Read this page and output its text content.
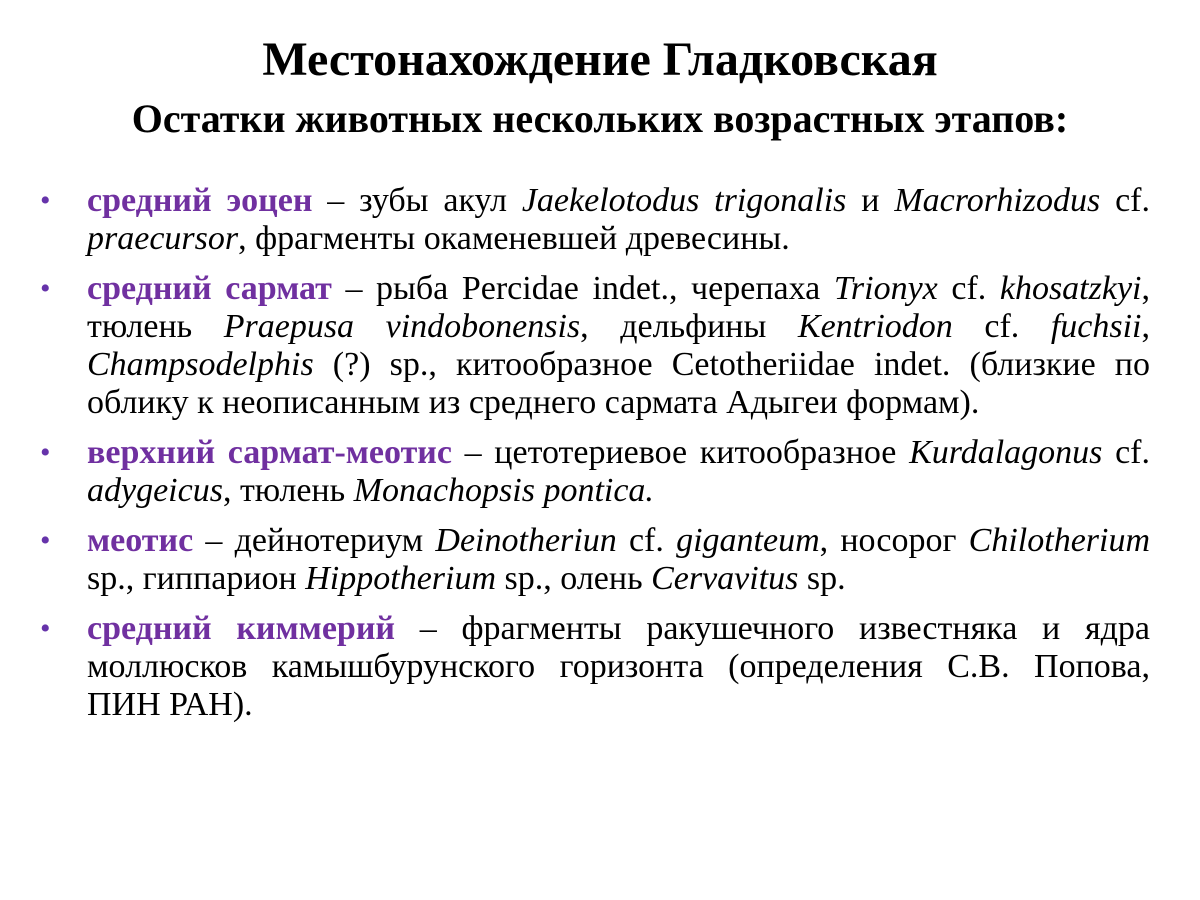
Местонахождение Гладковская
Остатки животных нескольких возрастных этапов:
• средний эоцен – зубы акул Jaekelotodus trigonalis и Macrorhizodus cf. praecursor, фрагменты окаменевшей древесины.
• средний сармат – рыба Percidae indet., черепаха Trionyx cf. khosatzkyi, тюлень Praepusa vindobonensis, дельфины Kentriodon cf. fuchsii, Champsodelphis (?) sp., китообразное Cetotheriidae indet. (близкие по облику к неописанным из среднего сармата Адыгеи формам).
• верхний сармат-меотис – цетотериевое китообразное Kurdalagonus cf. adygeicus, тюлень Monachopsis pontica.
• меотис – дейнотериум Deinotheriun cf. giganteum, носорог Chilotherium sp., гиппарион Hippotherium sp., олень Cervavitus sp.
• средний киммерий – фрагменты ракушечного известняка и ядра моллюсков камышбурунского горизонта (определения С.В. Попова, ПИН РАН).
